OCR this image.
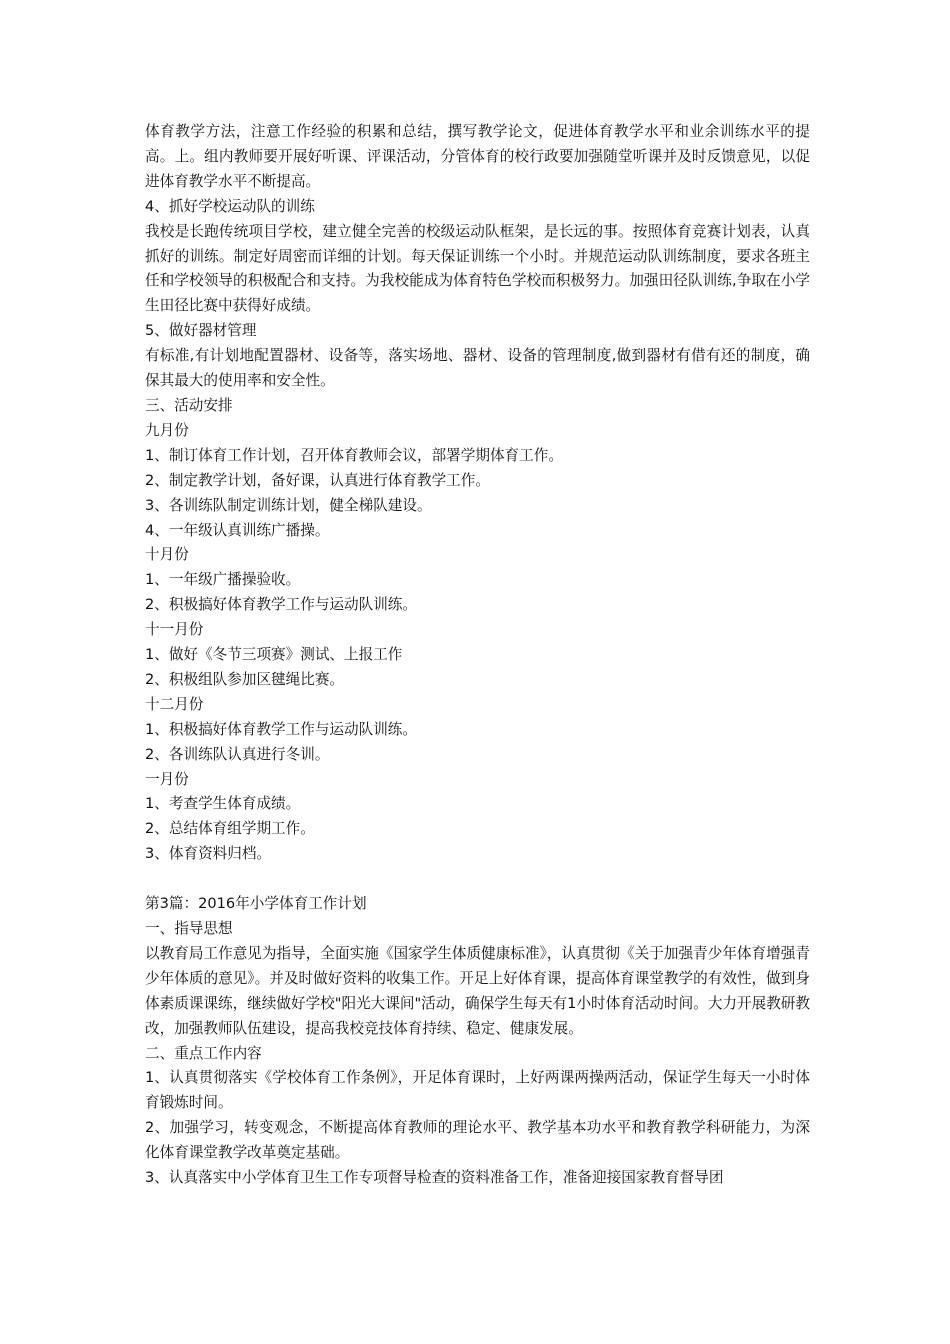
体育教学方法，注意工作经验的积累和总结，撰写教学论文，促进体育教学水平和业余训练水平的提高。上。组内教师要开展好听课、评课活动，分管体育的校行政要加强随堂听课并及时反馈意见，以促进体育教学水平不断提高。

4、抓好学校运动队的训练

我校是长跑传统项目学校，建立健全完善的校级运动队框架，是长远的事。按照体育竞赛计划表，认真抓好的训练。制定好周密而详细的计划。每天保证训练一个小时。并规范运动队训练制度，要求各班主任和学校领导的积极配合和支持。为我校能成为体育特色学校而积极努力。加强田径队训练,争取在小学生田径比赛中获得好成绩。

5、做好器材管理

有标准,有计划地配置器材、设备等，落实场地、器材、设备的管理制度,做到器材有借有还的制度，确保其最大的使用率和安全性。

三、活动安排

九月份

1、制订体育工作计划，召开体育教师会议，部署学期体育工作。

2、制定教学计划，备好课，认真进行体育教学工作。

3、各训练队制定训练计划，健全梯队建设。

4、一年级认真训练广播操。

十月份

1、一年级广播操验收。

2、积极搞好体育教学工作与运动队训练。

十一月份

1、做好《冬节三项赛》测试、上报工作

2、积极组队参加区毽绳比赛。

十二月份

1、积极搞好体育教学工作与运动队训练。

2、各训练队认真进行冬训。

一月份

1、考查学生体育成绩。

2、总结体育组学期工作。

3、体育资料归档。

第3篇：2016年小学体育工作计划

一、指导思想

以教育局工作意见为指导，全面实施《国家学生体质健康标准》，认真贯彻《关于加强青少年体育增强青少年体质的意见》。并及时做好资料的收集工作。开足上好体育课，提高体育课堂教学的有效性，做到身体素质课课练，继续做好学校"阳光大课间"活动，确保学生每天有1小时体育活动时间。大力开展教研教改，加强教师队伍建设，提高我校竞技体育持续、稳定、健康发展。

二、重点工作内容

1、认真贯彻落实《学校体育工作条例》，开足体育课时，上好两课两操两活动，保证学生每天一小时体育锻炼时间。

2、加强学习，转变观念，不断提高体育教师的理论水平、教学基本功水平和教育教学科研能力，为深化体育课堂教学改革奠定基础。

3、认真落实中小学体育卫生工作专项督导检查的资料准备工作，准备迎接国家教育督导团
